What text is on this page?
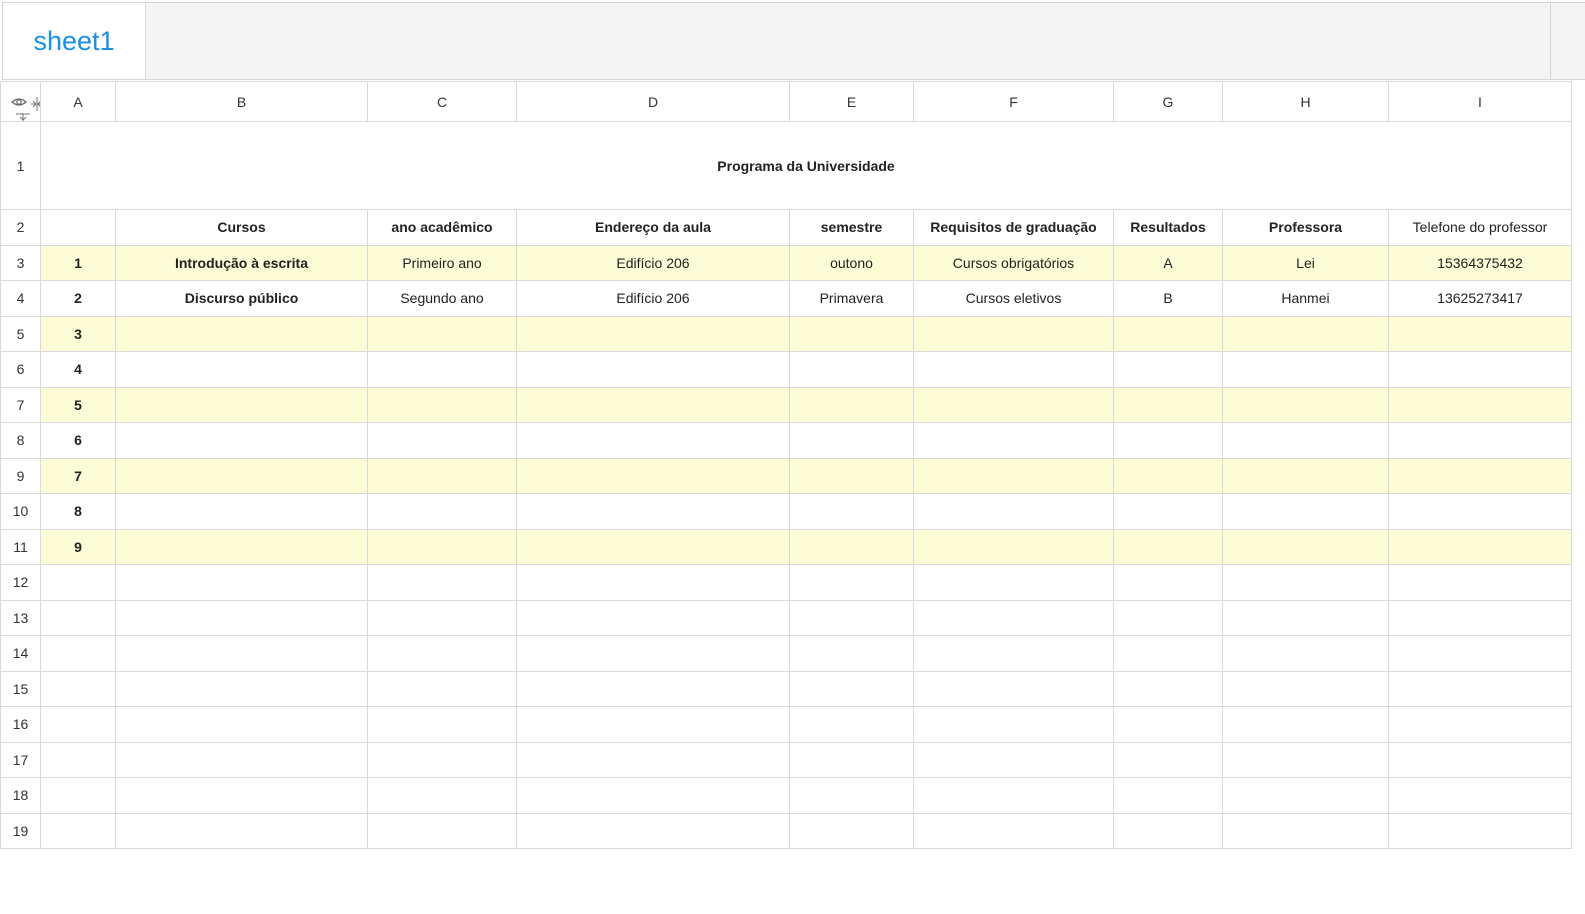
sheet1
	A	B	C	D	E	F	G	H	I
1	Programa da Universidade								
2		Cursos	ano acadêmico	Endereço da aula	semestre	Requisitos de graduação	Resultados	Professora	Telefone do professor
3	1	Introdução à escrita	Primeiro ano	Edifício 206	outono	Cursos obrigatórios	A	Lei	15364375432
4	2	Discurso público	Segundo ano	Edifício 206	Primavera	Cursos eletivos	B	Hanmei	13625273417
5	3								
6	4								
7	5								
8	6								
9	7								
10	8								
11	9								
12									
13									
14									
15									
16									
17									
18									
19									
